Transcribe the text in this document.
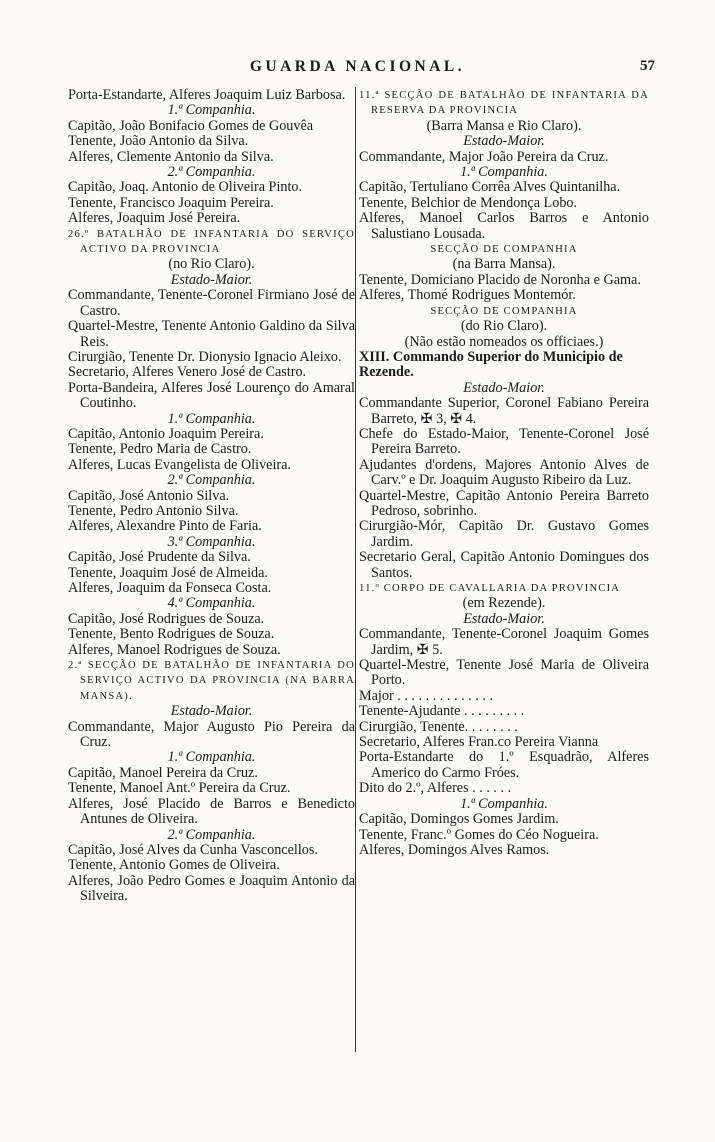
GUARDA NACIONAL.	57
Porta-Estandarte, Alferes Joaquim Luiz Barbosa.
1.ª Companhia.
Capitão, João Bonifacio Gomes de Gouvêa
Tenente, João Antonio da Silva.
Alferes, Clemente Antonio da Silva.
2.ª Companhia.
Capitão, Joaq. Antonio de Oliveira Pinto.
Tenente, Francisco Joaquim Pereira.
Alferes, Joaquim José Pereira.
26.º BATALHÃO DE INFANTARIA DO SERVIÇO ACTIVO DA PROVINCIA
(no Rio Claro).
Estado-Maior.
Commandante, Tenente-Coronel Firmiano José de Castro.
Quartel-Mestre, Tenente Antonio Galdino da Silva Reis.
Cirurgião, Tenente Dr. Dionysio Ignacio Aleixo.
Secretario, Alferes Venero José de Castro.
Porta-Bandeira, Alferes José Lourenço do Amaral Coutinho.
1.ª Companhia.
Capitão, Antonio Joaquim Pereira.
Tenente, Pedro Maria de Castro.
Alferes, Lucas Evangelista de Oliveira.
2.ª Companhia.
Capitão, José Antonio Silva.
Tenente, Pedro Antonio Silva.
Alferes, Alexandre Pinto de Faria.
3.ª Companhia.
Capitão, José Prudente da Silva.
Tenente, Joaquim José de Almeida.
Alferes, Joaquim da Fonseca Costa.
4.ª Companhia.
Capitão, José Rodrigues de Souza.
Tenente, Bento Rodrigues de Souza.
Alferes, Manoel Rodrigues de Souza.
2.ª SECÇÃO DE BATALHÃO DE INFANTARIA DO SERVIÇO ACTIVO DA PROVINCIA (NA BARRA MANSA).
Estado-Maior.
Commandante, Major Augusto Pio Pereira da Cruz.
1.ª Companhia.
Capitão, Manoel Pereira da Cruz.
Tenente, Manoel Ant.º Pereira da Cruz.
Alferes, José Placido de Barros e Benedicto Antunes de Oliveira.
2.ª Companhia.
Capitão, José Alves da Cunha Vasconcellos.
Tenente, Antonio Gomes de Oliveira.
Alferes, João Pedro Gomes e Joaquim Antonio da Silveira.
11.ª SECÇÃO DE BATALHÃO DE INFANTARIA DA RESERVA DA PROVINCIA
(Barra Mansa e Rio Claro).
Estado-Maior.
Commandante, Major João Pereira da Cruz.
1.ª Companhia.
Capitão, Tertuliano Corrêa Alves Quintanilha.
Tenente, Belchior de Mendonça Lobo.
Alferes, Manoel Carlos Barros e Antonio Salustiano Lousada.
SECÇÃO DE COMPANHIA
(na Barra Mansa).
Tenente, Domiciano Placido de Noronha e Gama.
Alferes, Thomé Rodrigues Montemór.
SECÇÃO DE COMPANHIA
(do Rio Claro).
(Não estão nomeados os officiaes.)
XIII. Commando Superior do Municipio de Rezende.
Estado-Maior.
Commandante Superior, Coronel Fabiano Pereira Barreto, ✠ 3, ✠ 4.
Chefe do Estado-Maior, Tenente-Coronel José Pereira Barreto.
Ajudantes d'ordens, Majores Antonio Alves de Carv.º e Dr. Joaquim Augusto Ribeiro da Luz.
Quartel-Mestre, Capitão Antonio Pereira Barreto Pedroso, sobrinho.
Cirurgião-Mór, Capitão Dr. Gustavo Gomes Jardim.
Secretario Geral, Capitão Antonio Domingues dos Santos.
11.º CORPO DE CAVALLARIA DA PROVINCIA
(em Rezende).
Estado-Maior.
Commandante, Tenente-Coronel Joaquim Gomes Jardim, ✠ 5.
Quartel-Mestre, Tenente José Maria de Oliveira Porto.
Major . . . . . . . . . . . . . .
Tenente-Ajudante . . . . . . . . .
Cirurgião, Tenente. . . . . . . .
Secretario, Alferes Fran.co Pereira Vianna
Porta-Estandarte do 1.º Esquadrão, Alferes Americo do Carmo Fróes.
Dito do 2.º, Alferes . . . . . .
1.ª Companhia.
Capitão, Domingos Gomes Jardim.
Tenente, Franc.º Gomes do Céo Nogueira.
Alferes, Domingos Alves Ramos.
